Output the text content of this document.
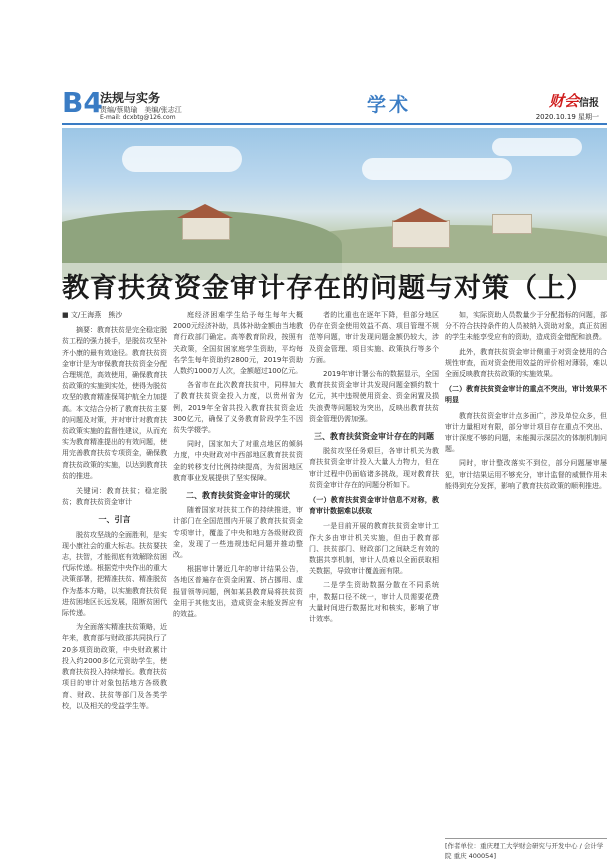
B4
法规与实务
责编/蔡勋瑜　美编/张志江
E-mail: dcxbtg@126.com
学术	财会信报
2020.10.19 星期一
教育扶贫资金审计存在的问题与对策（上）
■ 文/王海燕　熊沙

摘要：教育扶贫是完全稳定脱贫工程的强力援手，是脱贫攻坚补齐小康的最有效途径。教育扶贫资金审计是为审保教育扶贫资金分配合理规范，高效使用，确保教育扶贫政策的实施到实处，使得为脱贫攻坚的教育精准保驾护航全力加提高。本文结合分析了教育扶贫主要的问题及对策，并对审计对教育扶贫政策实施的监督性建议，从而充实为教育精准提出的有效问题，使用完善教育扶贫专项资金，确保教育扶贫政策的实施，以达到教育扶贫的推进。

关键词：教育扶贫；稳定脱贫；教育扶贫资金审计

一、引言

脱贫攻坚战的全面胜利，是实现小康社会的重大标志。扶贫要扶志，扶智，才能彻底有效解除贫困代际传递。根据党中央作出的重大决策部署，把精准扶贫、精准脱贫作为基本方略，以实施教育扶贫促进贫困地区长远发展，阻断贫困代际传递。

为全面落实精准扶贫策略，近年来，教育部与财政部共同执行了20多项资助政策，中央财政累计投入约2000多亿元资助学生，使教育扶贫投入持续增长。教育扶贫项目的审计对象包括地方各级教育、财政、扶贫等部门及各类学校，以及相关的受益学生等。

庭经济困难学生给予每生每年大概2000元经济补助，具体补助金额由当地教育行政部门确定。高等教育阶段，按照有关政策，全国贫困家庭学生资助，平均每名学生每年资助约2800元，2019年资助人数约1000万人次，金额超过100亿元。

各省市在此次教育扶贫中，同样加大了教育扶贫资金投入力度，以贵州省为例，2019年全省共投入教育扶贫资金近300亿元，确保了义务教育阶段学生不因贫失学辍学。

同时，国家加大了对重点地区的倾斜力度，中央财政对中西部地区教育扶贫资金的转移支付比例持续提高，为贫困地区教育事业发展提供了坚实保障。

二、教育扶贫资金审计的现状

随着国家对扶贫工作的持续推进，审计部门在全国范围内开展了教育扶贫资金专项审计，覆盖了中央和地方各级财政资金，发现了一些违规违纪问题并推动整改。

根据审计署近几年的审计结果公告，各地区普遍存在资金闲置、挤占挪用、虚报冒领等问题，例如某县教育局将扶贫资金用于其他支出，造成资金未能发挥应有的效益。

者的比重也在逐年下降，但部分地区仍存在资金使用效益不高、项目管理不规范等问题，审计发现问题金额仍较大，涉及资金管理、项目实施、政策执行等多个方面。

2019年审计署公布的数据显示，全国教育扶贫资金审计共发现问题金额约数十亿元，其中违规使用资金、资金闲置及损失浪费等问题较为突出，反映出教育扶贫资金管理仍需加强。

三、教育扶贫资金审计存在的问题

脱贫攻坚任务艰巨，各审计机关为教育扶贫资金审计投入大量人力物力，但在审计过程中仍面临诸多挑战，现对教育扶贫资金审计存在的问题分析如下。

（一）教育扶贫资金审计信息不对称，教育审计数据难以获取

一是目前开展的教育扶贫资金审计工作大多由审计机关实施，但由于教育部门、扶贫部门、财政部门之间缺乏有效的数据共享机制，审计人员难以全面获取相关数据，导致审计覆盖面有限。

二是学生资助数据分散在不同系统中，数据口径不统一，审计人员需要花费大量时间进行数据比对和核实，影响了审计效率。

如，实际资助人员数量少于分配指标的问题，部分不符合扶持条件的人员被纳入资助对象，真正贫困的学生未能享受应有的资助，造成资金错配和浪费。

此外，教育扶贫资金审计侧重于对资金使用的合规性审查，而对资金使用效益的评价相对薄弱，难以全面反映教育扶贫政策的实施效果。

（二）教育扶贫资金审计的重点不突出，审计效果不明显

教育扶贫资金审计点多面广，涉及单位众多，但审计力量相对有限，部分审计项目存在重点不突出、审计深度不够的问题，未能揭示深层次的体制机制问题。

同时，审计整改落实不到位，部分问题屡审屡犯，审计结果运用不够充分，审计监督的威慑作用未能得到充分发挥，影响了教育扶贫政策的顺利推进。

[作者单位：重庆理工大学财会研究与开发中心 / 会计学院 重庆 400054]
